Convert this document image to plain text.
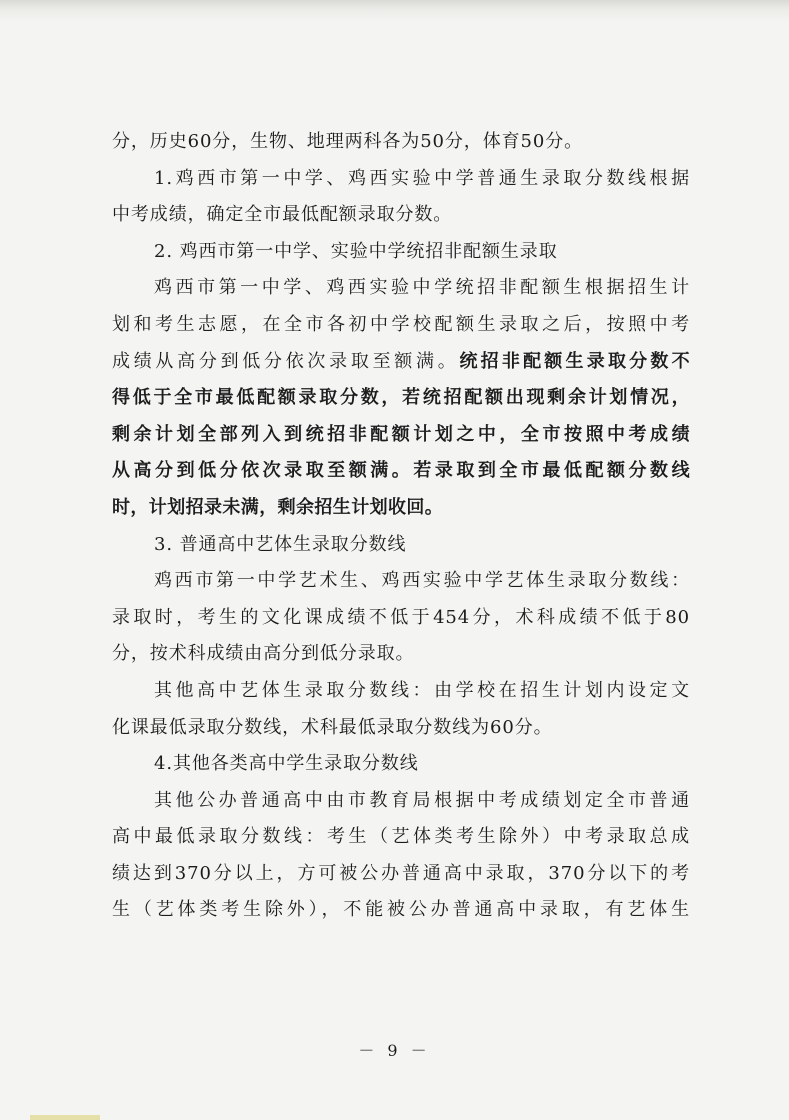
分，历史60分，生物、地理两科各为50分，体育50分。
1.鸡西市第一中学、鸡西实验中学普通生录取分数线根据
中考成绩，确定全市最低配额录取分数。
2. 鸡西市第一中学、实验中学统招非配额生录取
鸡西市第一中学、鸡西实验中学统招非配额生根据招生计
划和考生志愿，在全市各初中学校配额生录取之后，按照中考
成绩从高分到低分依次录取至额满。统招非配额生录取分数不
得低于全市最低配额录取分数，若统招配额出现剩余计划情况，
剩余计划全部列入到统招非配额计划之中，全市按照中考成绩
从高分到低分依次录取至额满。若录取到全市最低配额分数线
时，计划招录未满，剩余招生计划收回。
3. 普通高中艺体生录取分数线
鸡西市第一中学艺术生、鸡西实验中学艺体生录取分数线：
录取时，考生的文化课成绩不低于454分，术科成绩不低于80
分，按术科成绩由高分到低分录取。
其他高中艺体生录取分数线：由学校在招生计划内设定文
化课最低录取分数线，术科最低录取分数线为60分。
4.其他各类高中学生录取分数线
其他公办普通高中由市教育局根据中考成绩划定全市普通
高中最低录取分数线：考生（艺体类考生除外）中考录取总成
绩达到370分以上，方可被公办普通高中录取，370分以下的考
生（艺体类考生除外），不能被公办普通高中录取，有艺体生
－ 9 －
